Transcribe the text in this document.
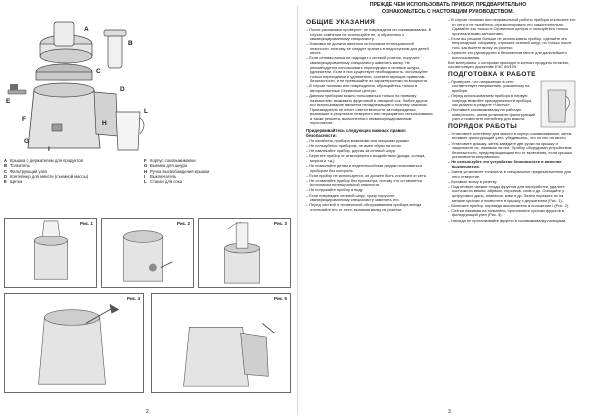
A
B
C
D
E
F
G
H
I
L
A Крышка с держателем для продуктов
B Толкатель
C Фильтрующий узел
D Контейнер для мякоти (съемной массы)
E Щетка
F Корпус соковыжималки
G Выемка для шнура
H Ручка высвобождения крышки
I Выключатель
L Стакан для сока
Рис. 1	Рис. 2	Рис. 3
Рис. 4	Рис. 5
2
ПРЕЖДЕ ЧЕМ ИСПОЛЬЗОВАТЬ ПРИБОР, ПРЕДВАРИТЕЛЬНО
ОЗНАКОМЬТЕСЬ С НАСТОЯЩИМ РУКОВОДСТВОМ.
ОБЩИЕ УКАЗАНИЯ

– После распаковки проверьте, не повреждена ли соковыжималка. В случае сомнения не используйте ее, а обратитесь к квалифицированному специалисту.

– Упаковка не должна являться источником потенциальной опасности, поэтому ее следует хранить в недоступном для детей месте.

– Если сетевая вилка не подходит к сетевой розетке, поручите квалифицированному специалисту заменить вилку. Не рекомендуется использовать переходники и сетевые шнуры-удлинители. Если в них существует необходимость, используйте только переходники и удлинители, соответствующие правилам безопасности, и не превышайте их характеристики по мощности.

– В случае поломки или повреждения, обращайтесь только в авторизованные Сервисные центры.

– Данным прибором можно пользоваться только по прямому назначению: выжимать фруктовый и овощной сок. Любое другое его использование является ненадлежащим и поэтому опасным. Производитель не несет ответственности за повреждения, возникшие в результате неверного или неразумного использования, а также ремонта, выполненного неквалифицированным персоналом.

Придерживайтесь следующих важных правил безопасности:

– Не касайтесь прибора влажными или мокрыми руками.

– Не пользуйтесь прибором, не имея обуви на ногах.

– Не извлекайте прибор, дергая за сетевой шнур.

– Берегите прибор от атмосферного воздействия (дождя, солнца, мороза и т.д.).

– Не позволяйте детям и недееспособным людям пользоваться прибором без контроля.

– Если прибор не используется, он должен быть отключен от сети.

– Не оставляйте прибор без присмотра, потому что он является источником потенциальной опасности.

– Не погружайте прибор в воду.

– Если поврежден сетевой шнур, сразу поручите квалифицированному специалисту заменить его.

– Перед чисткой и технической обслуживанием прибора всегда отключайте его от сети, вынимая вилку из розетки.

– В случае поломки или неправильной работы прибора отключите его от сети и не пытайтесь отремонтировать его самостоятельно. Сдавайте его только в Сервисные центры и пользуйтесь только оригинальными запчастями.

– Если вы решили больше не использовать прибор, сделайте его непригодным, например, отрежьте сетевой шнур, но только после того, как вынете вилку из розетки.

– Храните это руководство в безопасном месте для дальнейшего использования.

Все материалы, с которыми приходят в контакт продукты питания, соответствуют директиве ЕЭС 89/109.

ПОДГОТОВКА К РАБОТЕ

– Проверьте, что напряжение в сети соответствует напряжению, указанному на приборе.

– Перед использованием прибора в первую очередь вымойте принадлежности прибора, как указано в разделе «Чистка».

– Поставьте соковыжималку на рабочую поверхность, затем установите фильтрующий узел и поместите контейнер для мякоти.

ПОРЯДОК РАБОТЫ

– Установите контейнер для мякоти в корпус соковыжималки, затем вставьте фильтрующий узел, убедившись, что он сел на место.

– Установите крышку, затем заведите две ручки на крышку и защелкните их, нажимая на них. Прибор оборудован устройством безопасности, предотвращающим его от включения, если крышка установлена неправильно.

– Не используйте это устройство безопасности в качестве выключателя.

– Затем установите толкатель в специальное предназначенное для него отверстие.

– Вставьте вилку в розетку.

– Подготовьте свежие плоды фруктов для переработки, удалите косточки из вишни, абрикос, персиков, слив и др. Очищайте у цитрусовых дынь, ананасов, киви и др. Затем порежьте их на мелкие кусочки и поместите в крышку с держателем (Рис. 1).

– Включите прибор, переведя выключатель в положение I (Рис. 2).

– Слегка нажимая на толкатель, протолкните кусочки фруктов в фильтрующий узел (Рис. 3).

– Никогда не проталкивайте фрукты в соковыжималку пальцами.

3
